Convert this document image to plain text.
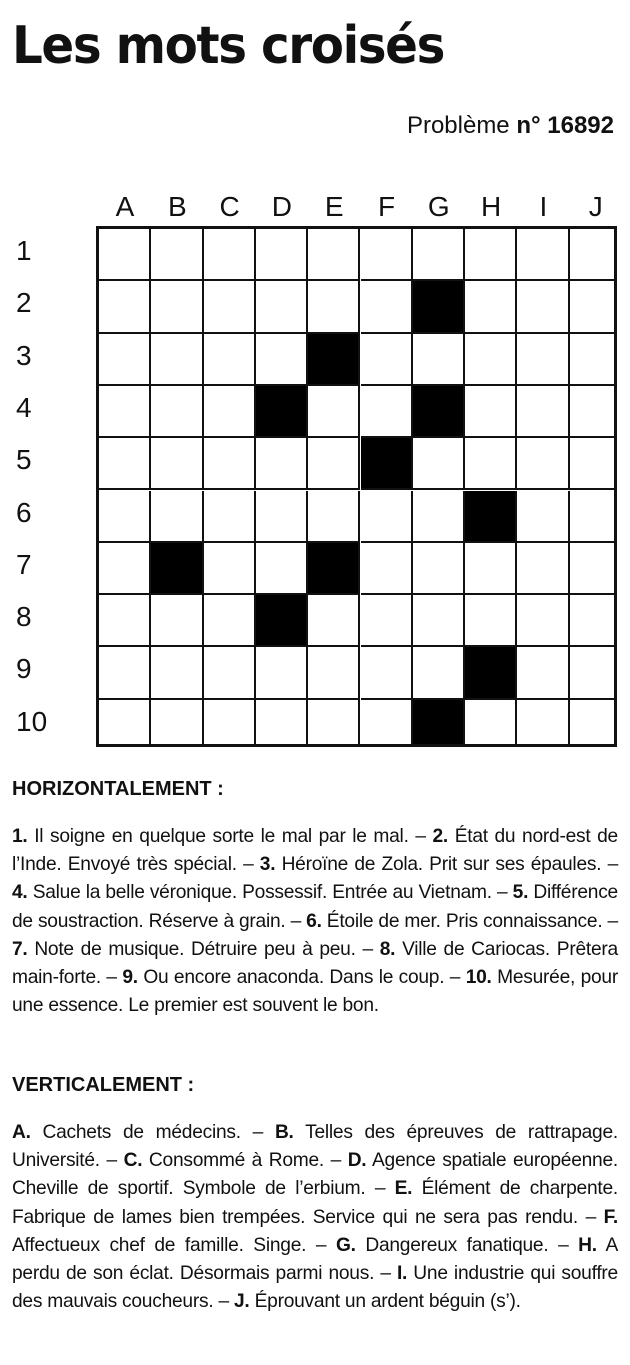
Les mots croisés
Problème n° 16892
A	B	C	D	E	F	G	H	I	J
1
2
3
4
5
6
7
8
9
10
HORIZONTALEMENT :
1. Il soigne en quelque sorte le mal par le mal. – 2. État du nord-est de l’Inde. Envoyé très spécial. – 3. Héroïne de Zola. Prit sur ses épaules. – 4. Salue la belle véronique. Possessif. Entrée au Vietnam. – 5. Différence de soustraction. Réserve à grain. – 6. Étoile de mer. Pris connaissance. – 7. Note de musique. Détruire peu à peu. – 8. Ville de Cariocas. Prêtera main-forte. – 9. Ou encore anaconda. Dans le coup. – 10. Mesurée, pour une essence. Le premier est souvent le bon.
VERTICALEMENT :
A. Cachets de médecins. – B. Telles des épreuves de rattrapage. Université. – C. Consommé à Rome. – D. Agence spatiale européenne. Cheville de sportif. Symbole de l’erbium. – E. Élément de charpente. Fabrique de lames bien trempées. Service qui ne sera pas rendu. – F. Affectueux chef de famille. Singe. – G. Dangereux fanatique. – H. A perdu de son éclat. Désormais parmi nous. – I. Une industrie qui souffre des mauvais coucheurs. – J. Éprouvant un ardent béguin (s’).
